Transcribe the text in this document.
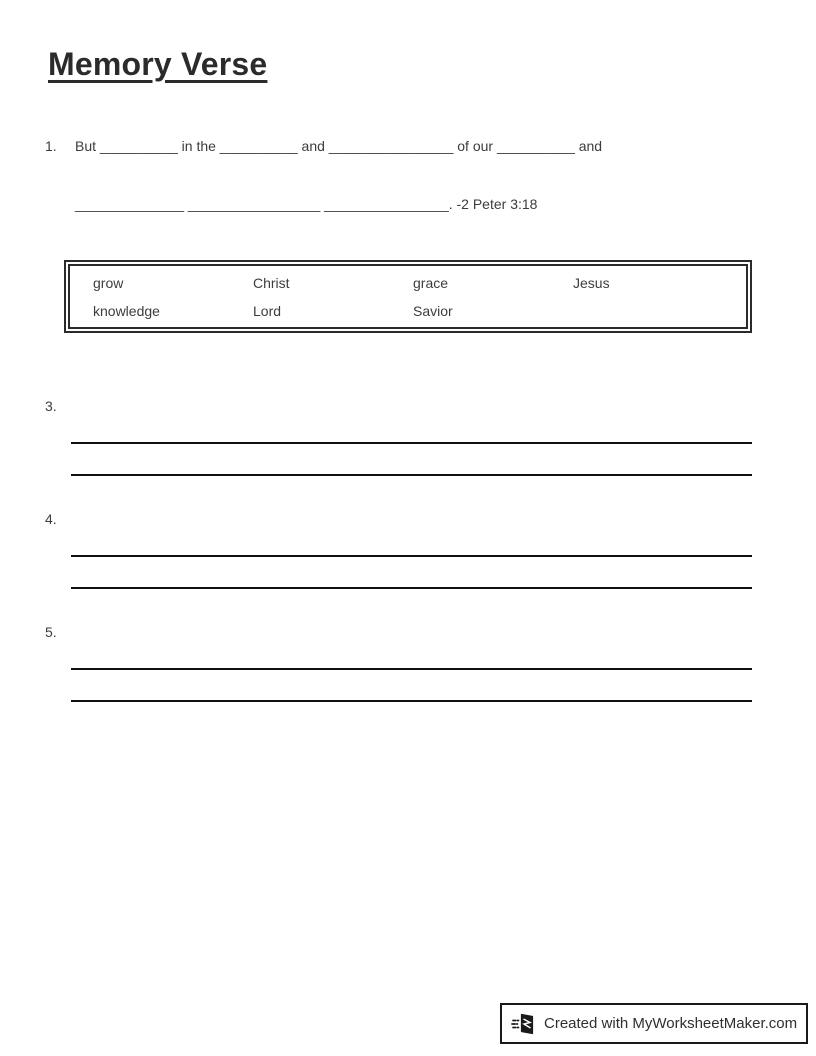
Memory Verse
1. But __________ in the __________ and ________________ of our __________ and
______________ _________________ ________________. -2 Peter 3:18
grow	Christ	grace	Jesus
knowledge	Lord	Savior
3.
4.
5.
Created with MyWorksheetMaker.com
